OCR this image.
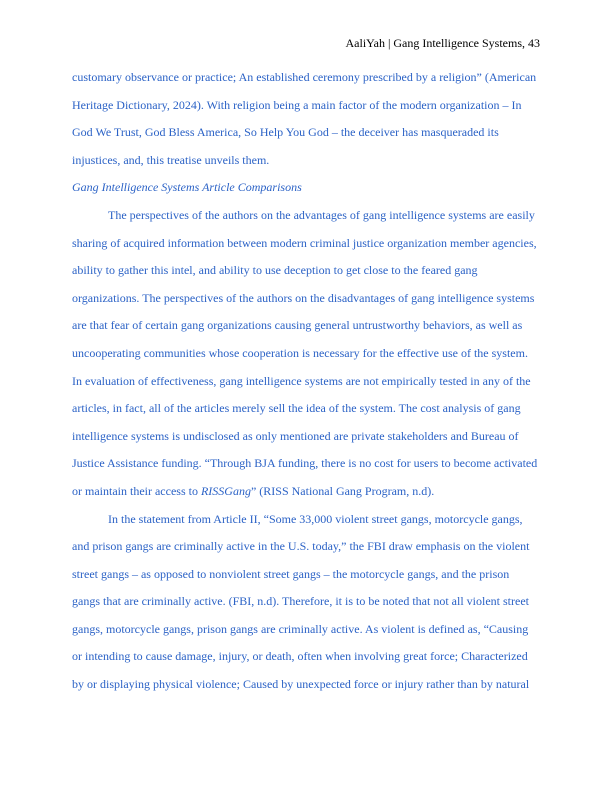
AaliYah | Gang Intelligence Systems, 43

customary observance or practice; An established ceremony prescribed by a religion” (American
Heritage Dictionary, 2024). With religion being a main factor of the modern organization – In
God We Trust, God Bless America, So Help You God – the deceiver has masqueraded its
injustices, and, this treatise unveils them.

Gang Intelligence Systems Article Comparisons

The perspectives of the authors on the advantages of gang intelligence systems are easily
sharing of acquired information between modern criminal justice organization member agencies,
ability to gather this intel, and ability to use deception to get close to the feared gang
organizations. The perspectives of the authors on the disadvantages of gang intelligence systems
are that fear of certain gang organizations causing general untrustworthy behaviors, as well as
uncooperating communities whose cooperation is necessary for the effective use of the system.
In evaluation of effectiveness, gang intelligence systems are not empirically tested in any of the
articles, in fact, all of the articles merely sell the idea of the system. The cost analysis of gang
intelligence systems is undisclosed as only mentioned are private stakeholders and Bureau of
Justice Assistance funding. “Through BJA funding, there is no cost for users to become activated
or maintain their access to RISSGang” (RISS National Gang Program, n.d).

In the statement from Article II, “Some 33,000 violent street gangs, motorcycle gangs,
and prison gangs are criminally active in the U.S. today,” the FBI draw emphasis on the violent
street gangs – as opposed to nonviolent street gangs – the motorcycle gangs, and the prison
gangs that are criminally active. (FBI, n.d). Therefore, it is to be noted that not all violent street
gangs, motorcycle gangs, prison gangs are criminally active. As violent is defined as, “Causing
or intending to cause damage, injury, or death, often when involving great force; Characterized
by or displaying physical violence; Caused by unexpected force or injury rather than by natural
